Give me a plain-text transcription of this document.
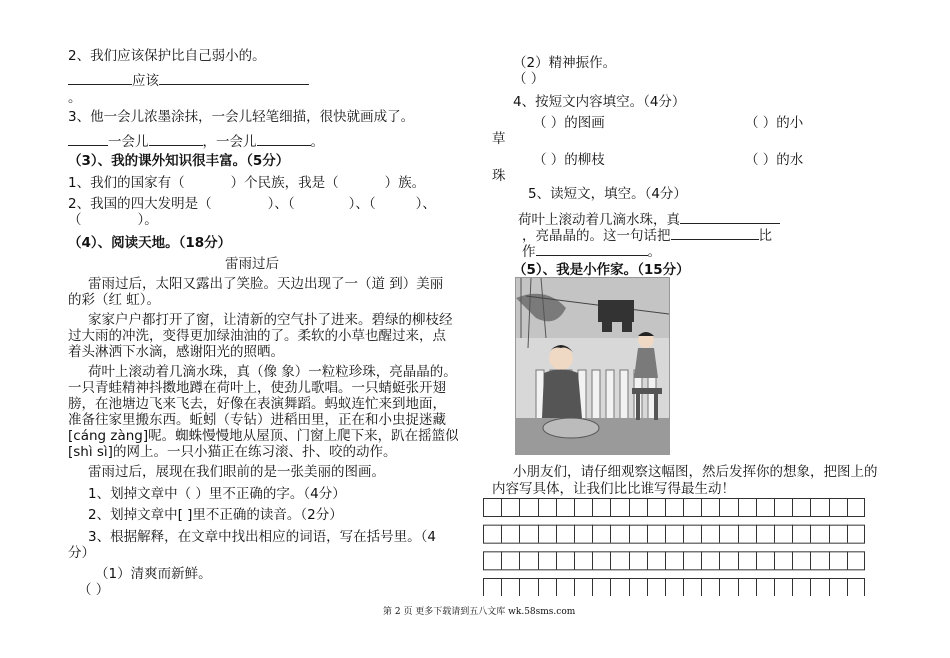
2、我们应该保护比自己弱小的。
应该
。
3、他一会儿浓墨涂抹，一会儿轻笔细描，很快就画成了。
一会儿	，一会儿	。
（3）、我的课外知识很丰富。（5分）
1、我们的国家有（	）个民族，我是（	）族。
2、我国的四大发明是（	）、（	）、（	）、
（	）。
（4）、阅读天地。（18分）
雷雨过后
雷雨过后，太阳又露出了笑脸。天边出现了一（道 到）美丽
的彩（红 虹）。
家家户户都打开了窗，让清新的空气扑了进来。碧绿的柳枝经
过大雨的冲洗，变得更加绿油油的了。柔软的小草也醒过来，点
着头淋洒下水滴，感谢阳光的照晒。
荷叶上滚动着几滴水珠，真（像 象）一粒粒珍珠，亮晶晶的。
一只青蛙精神抖擞地蹲在荷叶上，使劲儿歌唱。一只蜻蜓张开翅
膀，在池塘边飞来飞去，好像在表演舞蹈。蚂蚁连忙来到地面，
准备往家里搬东西。蚯蚓（专钻）进稻田里，正在和小虫捉迷藏
[cáng zàng]呢。蜘蛛慢慢地从屋顶、门窗上爬下来，趴在摇篮似
[shì sì]的网上。一只小猫正在练习滚、扑、咬的动作。
雷雨过后，展现在我们眼前的是一张美丽的图画。
1、划掉文章中（ ）里不正确的字。（4分）
2、划掉文章中[ ]里不正确的读音。（2分）
3、根据解释，在文章中找出相应的词语，写在括号里。（4
分）
（1）清爽而新鲜。
（ ）
（2）精神振作。
（ ）
4、按短文内容填空。（4分）
（ ）的图画	（ ）的小
草
（ ）的柳枝	（ ）的水
珠
5、读短文，填空。（4分）
荷叶上滚动着几滴水珠，真
，亮晶晶的。这一句话把	比
作	。
（5）、我是小作家。（15分）
小朋友们，请仔细观察这幅图，然后发挥你的想象，把图上的
内容写具体，让我们比比谁写得最生动！
第 2 页 更多下载请到五八文库 wk.58sms.com
